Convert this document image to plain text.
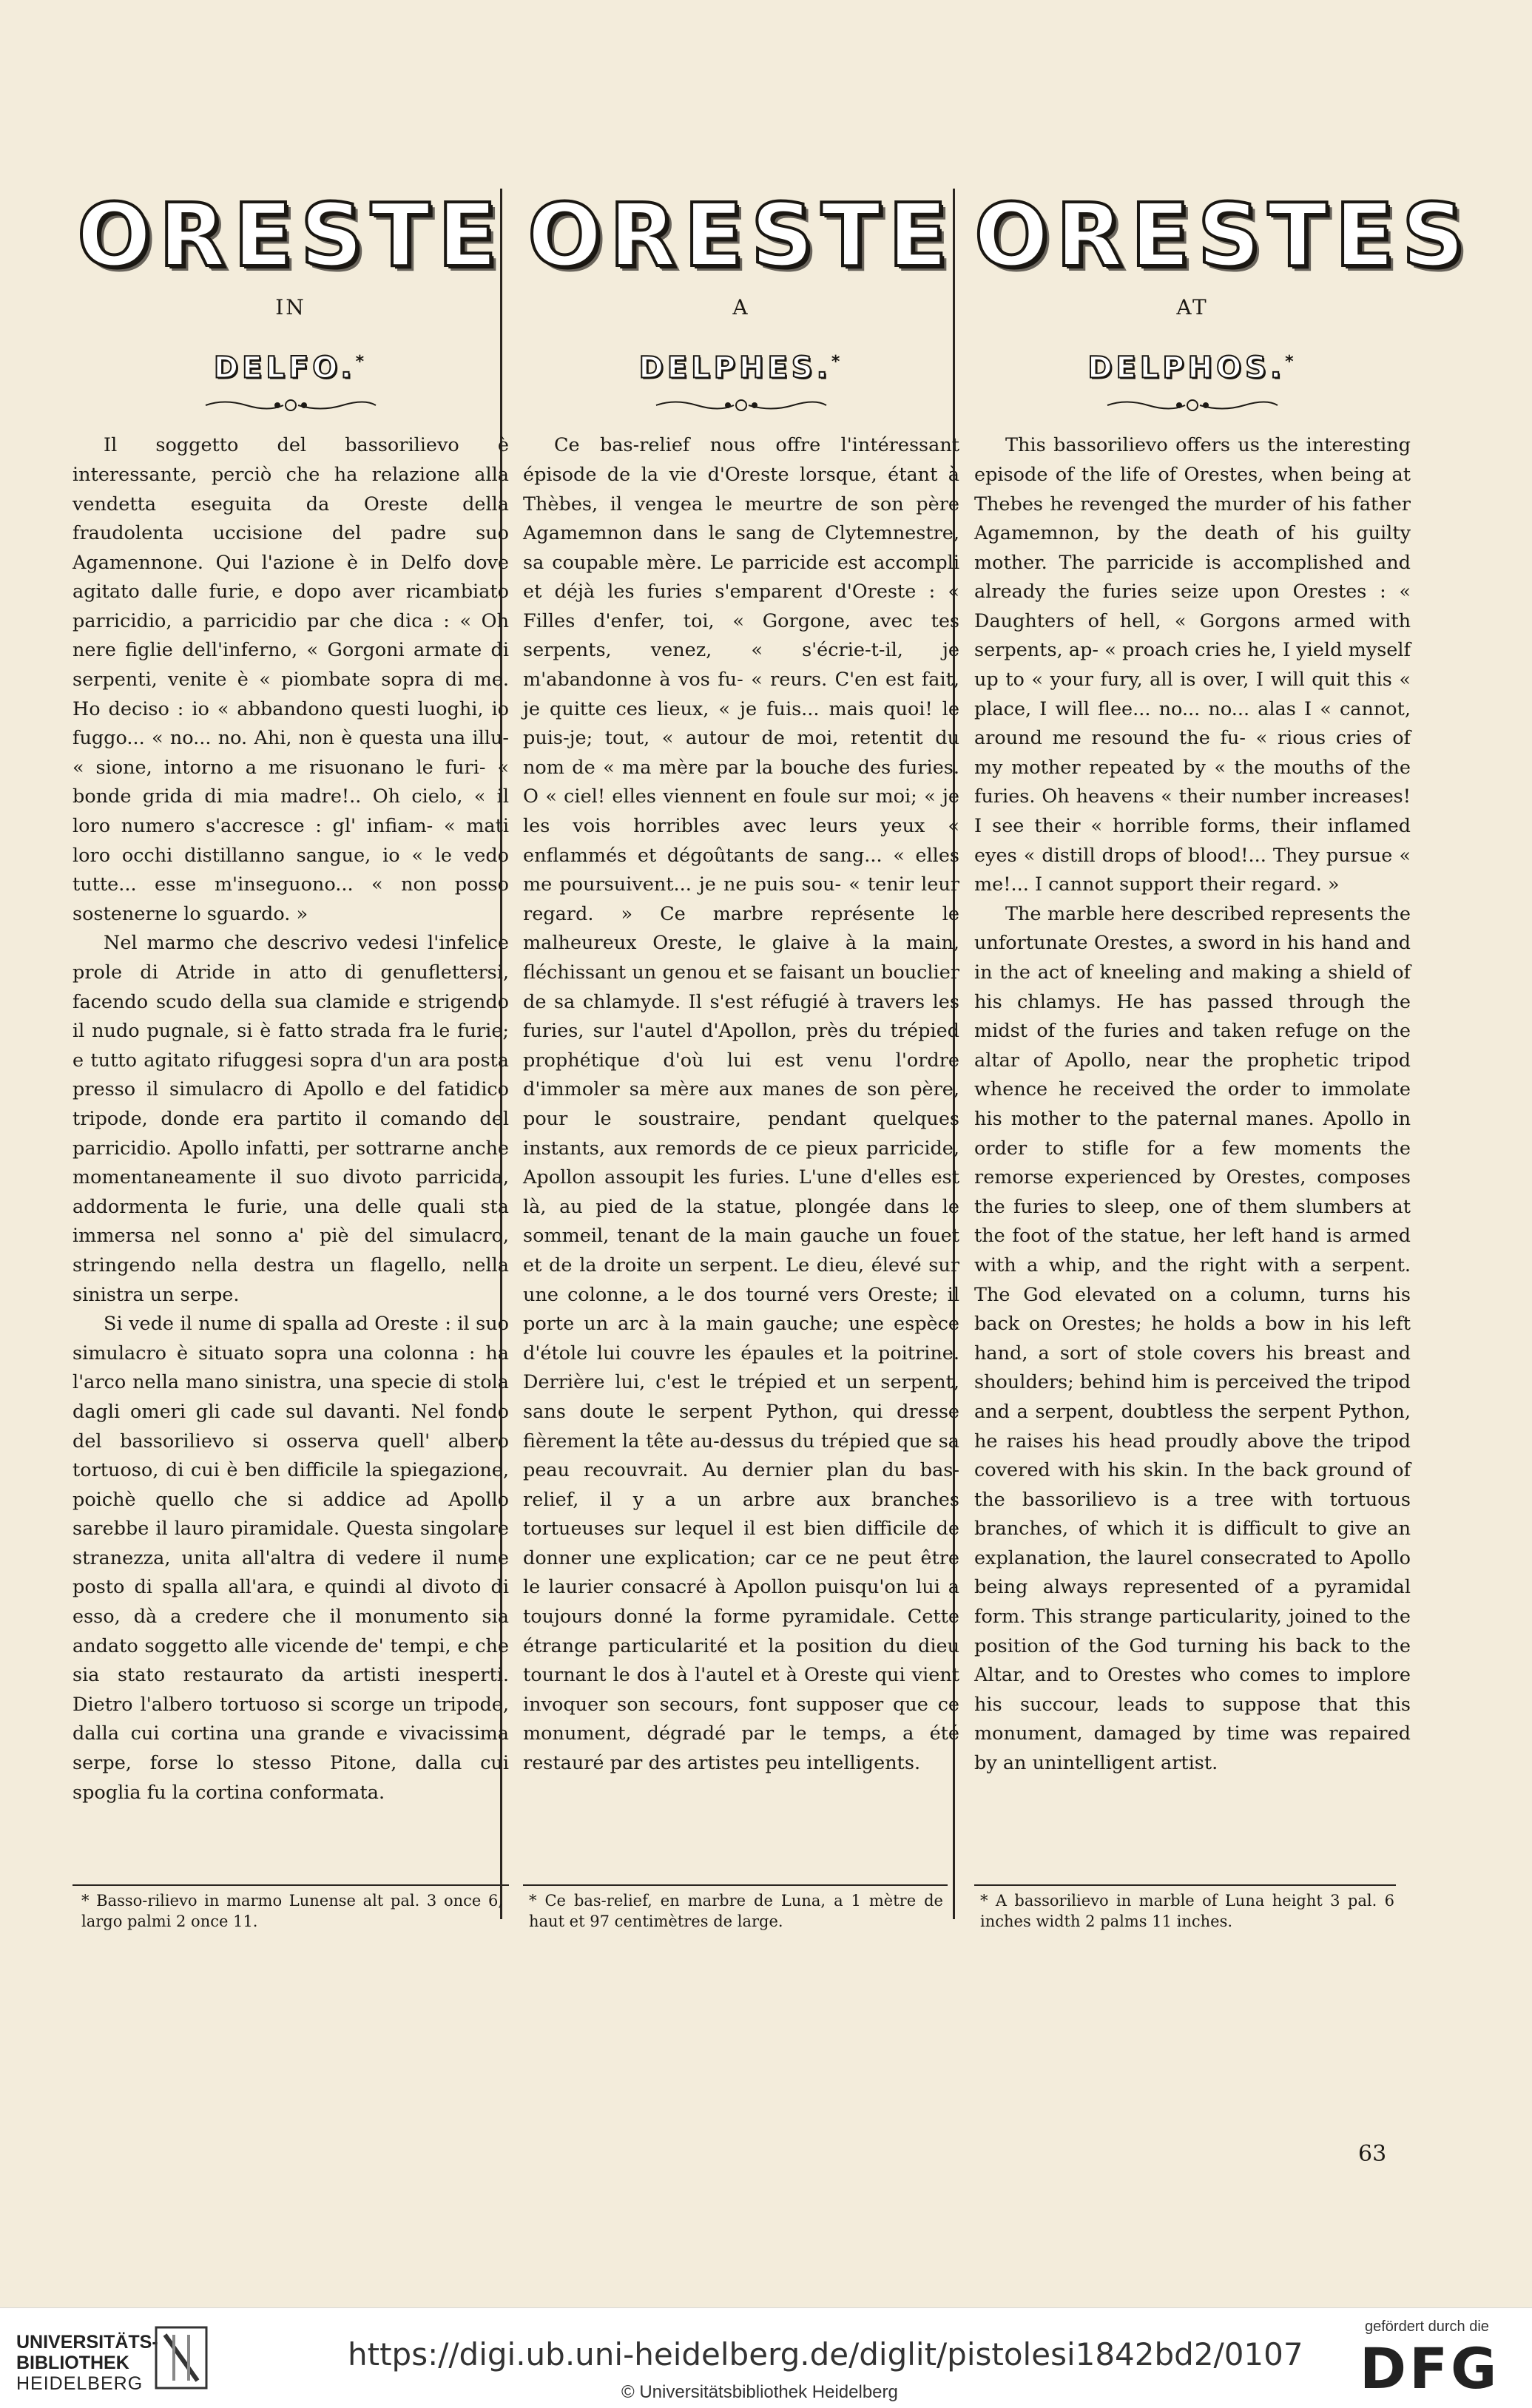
ORESTE
IN
DELFO.*

Il soggetto del bassorilievo è interessante, perciò che ha relazione alla vendetta eseguita da Oreste della fraudolenta uccisione del padre suo Agamennone. Qui l'azione è in Delfo dove agitato dalle furie, e dopo aver ricambiato parricidio, a parricidio par che dica : « Oh nere figlie dell'inferno, « Gorgoni armate di serpenti, venite è « piombate sopra di me. Ho deciso : io « abbandono questi luoghi, io fuggo... « no... no. Ahi, non è questa una illu- « sione, intorno a me risuonano le furi- « bonde grida di mia madre!.. Oh cielo, « il loro numero s'accresce : gl' infiam- « mati loro occhi distillanno sangue, io « le vedo tutte... esse m'inseguono... « non posso sostenerne lo sguardo. »

Nel marmo che descrivo vedesi l'infelice prole di Atride in atto di genuflettersi, facendo scudo della sua clamide e strigendo il nudo pugnale, si è fatto strada fra le furie; e tutto agitato rifuggesi sopra d'un ara posta presso il simulacro di Apollo e del fatidico tripode, donde era partito il comando del parricidio. Apollo infatti, per sottrarne anche momentaneamente il suo divoto parricida, addormenta le furie, una delle quali sta immersa nel sonno a' piè del simulacro, stringendo nella destra un flagello, nella sinistra un serpe.

Si vede il nume di spalla ad Oreste : il suo simulacro è situato sopra una colonna : ha l'arco nella mano sinistra, una specie di stola dagli omeri gli cade sul davanti. Nel fondo del bassorilievo si osserva quell' albero tortuoso, di cui è ben difficile la spiegazione, poichè quello che si addice ad Apollo sarebbe il lauro piramidale. Questa singolare stranezza, unita all'altra di vedere il nume posto di spalla all'ara, e quindi al divoto di esso, dà a credere che il monumento sia andato soggetto alle vicende de' tempi, e che sia stato restaurato da artisti inesperti. Dietro l'albero tortuoso si scorge un tripode, dalla cui cortina una grande e vivacissima serpe, forse lo stesso Pitone, dalla cui spoglia fu la cortina conformata.

ORESTE
A
DELPHES.*

Ce bas-relief nous offre l'intéressant épisode de la vie d'Oreste lorsque, étant à Thèbes, il vengea le meurtre de son père Agamemnon dans le sang de Clytemnestre, sa coupable mère. Le parricide est accompli et déjà les furies s'emparent d'Oreste : « Filles d'enfer, toi, « Gorgone, avec tes serpents, venez, « s'écrie-t-il, je m'abandonne à vos fu- « reurs. C'en est fait, je quitte ces lieux, « je fuis... mais quoi! le puis-je; tout, « autour de moi, retentit du nom de « ma mère par la bouche des furies. O « ciel! elles viennent en foule sur moi; « je les vois horribles avec leurs yeux « enflammés et dégoûtants de sang... « elles me poursuivent... je ne puis sou- « tenir leur regard. » Ce marbre représente le malheureux Oreste, le glaive à la main, fléchissant un genou et se faisant un bouclier de sa chlamyde. Il s'est réfugié à travers les furies, sur l'autel d'Apollon, près du trépied prophétique d'où lui est venu l'ordre d'immoler sa mère aux manes de son père, pour le soustraire, pendant quelques instants, aux remords de ce pieux parricide, Apollon assoupit les furies. L'une d'elles est là, au pied de la statue, plongée dans le sommeil, tenant de la main gauche un fouet et de la droite un serpent. Le dieu, élevé sur une colonne, a le dos tourné vers Oreste; il porte un arc à la main gauche; une espèce d'étole lui couvre les épaules et la poitrine. Derrière lui, c'est le trépied et un serpent, sans doute le serpent Python, qui dresse fièrement la tête au-dessus du trépied que sa peau recouvrait. Au dernier plan du bas-relief, il y a un arbre aux branches tortueuses sur lequel il est bien difficile de donner une explication; car ce ne peut être le laurier consacré à Apollon puisqu'on lui a toujours donné la forme pyramidale. Cette étrange particularité et la position du dieu tournant le dos à l'autel et à Oreste qui vient invoquer son secours, font supposer que ce monument, dégradé par le temps, a été restauré par des artistes peu intelligents.

ORESTES
AT
DELPHOS.*

This bassorilievo offers us the interesting episode of the life of Orestes, when being at Thebes he revenged the murder of his father Agamemnon, by the death of his guilty mother. The parricide is accomplished and already the furies seize upon Orestes : « Daughters of hell, « Gorgons armed with serpents, ap- « proach cries he, I yield myself up to « your fury, all is over, I will quit this « place, I will flee... no... no... alas I « cannot, around me resound the fu- « rious cries of my mother repeated by « the mouths of the furies. Oh heavens « their number increases! I see their « horrible forms, their inflamed eyes « distill drops of blood!... They pursue « me!... I cannot support their regard. »

The marble here described represents the unfortunate Orestes, a sword in his hand and in the act of kneeling and making a shield of his chlamys. He has passed through the midst of the furies and taken refuge on the altar of Apollo, near the prophetic tripod whence he received the order to immolate his mother to the paternal manes. Apollo in order to stifle for a few moments the remorse experienced by Orestes, composes the furies to sleep, one of them slumbers at the foot of the statue, her left hand is armed with a whip, and the right with a serpent. The God elevated on a column, turns his back on Orestes; he holds a bow in his left hand, a sort of stole covers his breast and shoulders; behind him is perceived the tripod and a serpent, doubtless the serpent Python, he raises his head proudly above the tripod covered with his skin. In the back ground of the bassorilievo is a tree with tortuous branches, of which it is difficult to give an explanation, the laurel consecrated to Apollo being always represented of a pyramidal form. This strange particularity, joined to the position of the God turning his back to the Altar, and to Orestes who comes to implore his succour, leads to suppose that this monument, damaged by time was repaired by an unintelligent artist.

* Basso-rilievo in marmo Lunense alt pal. 3 once 6, largo palmi 2 once 11.
* Ce bas-relief, en marbre de Luna, a 1 mètre de haut et 97 centimètres de large.
* A bassorilievo in marble of Luna height 3 pal. 6 inches width 2 palms 11 inches.
63
UNIVERSITÄTS-
BIBLIOTHEK
HEIDELBERG
https://digi.ub.uni-heidelberg.de/diglit/pistolesi1842bd2/0107
© Universitätsbibliothek Heidelberg
gefördert durch die
DFG
